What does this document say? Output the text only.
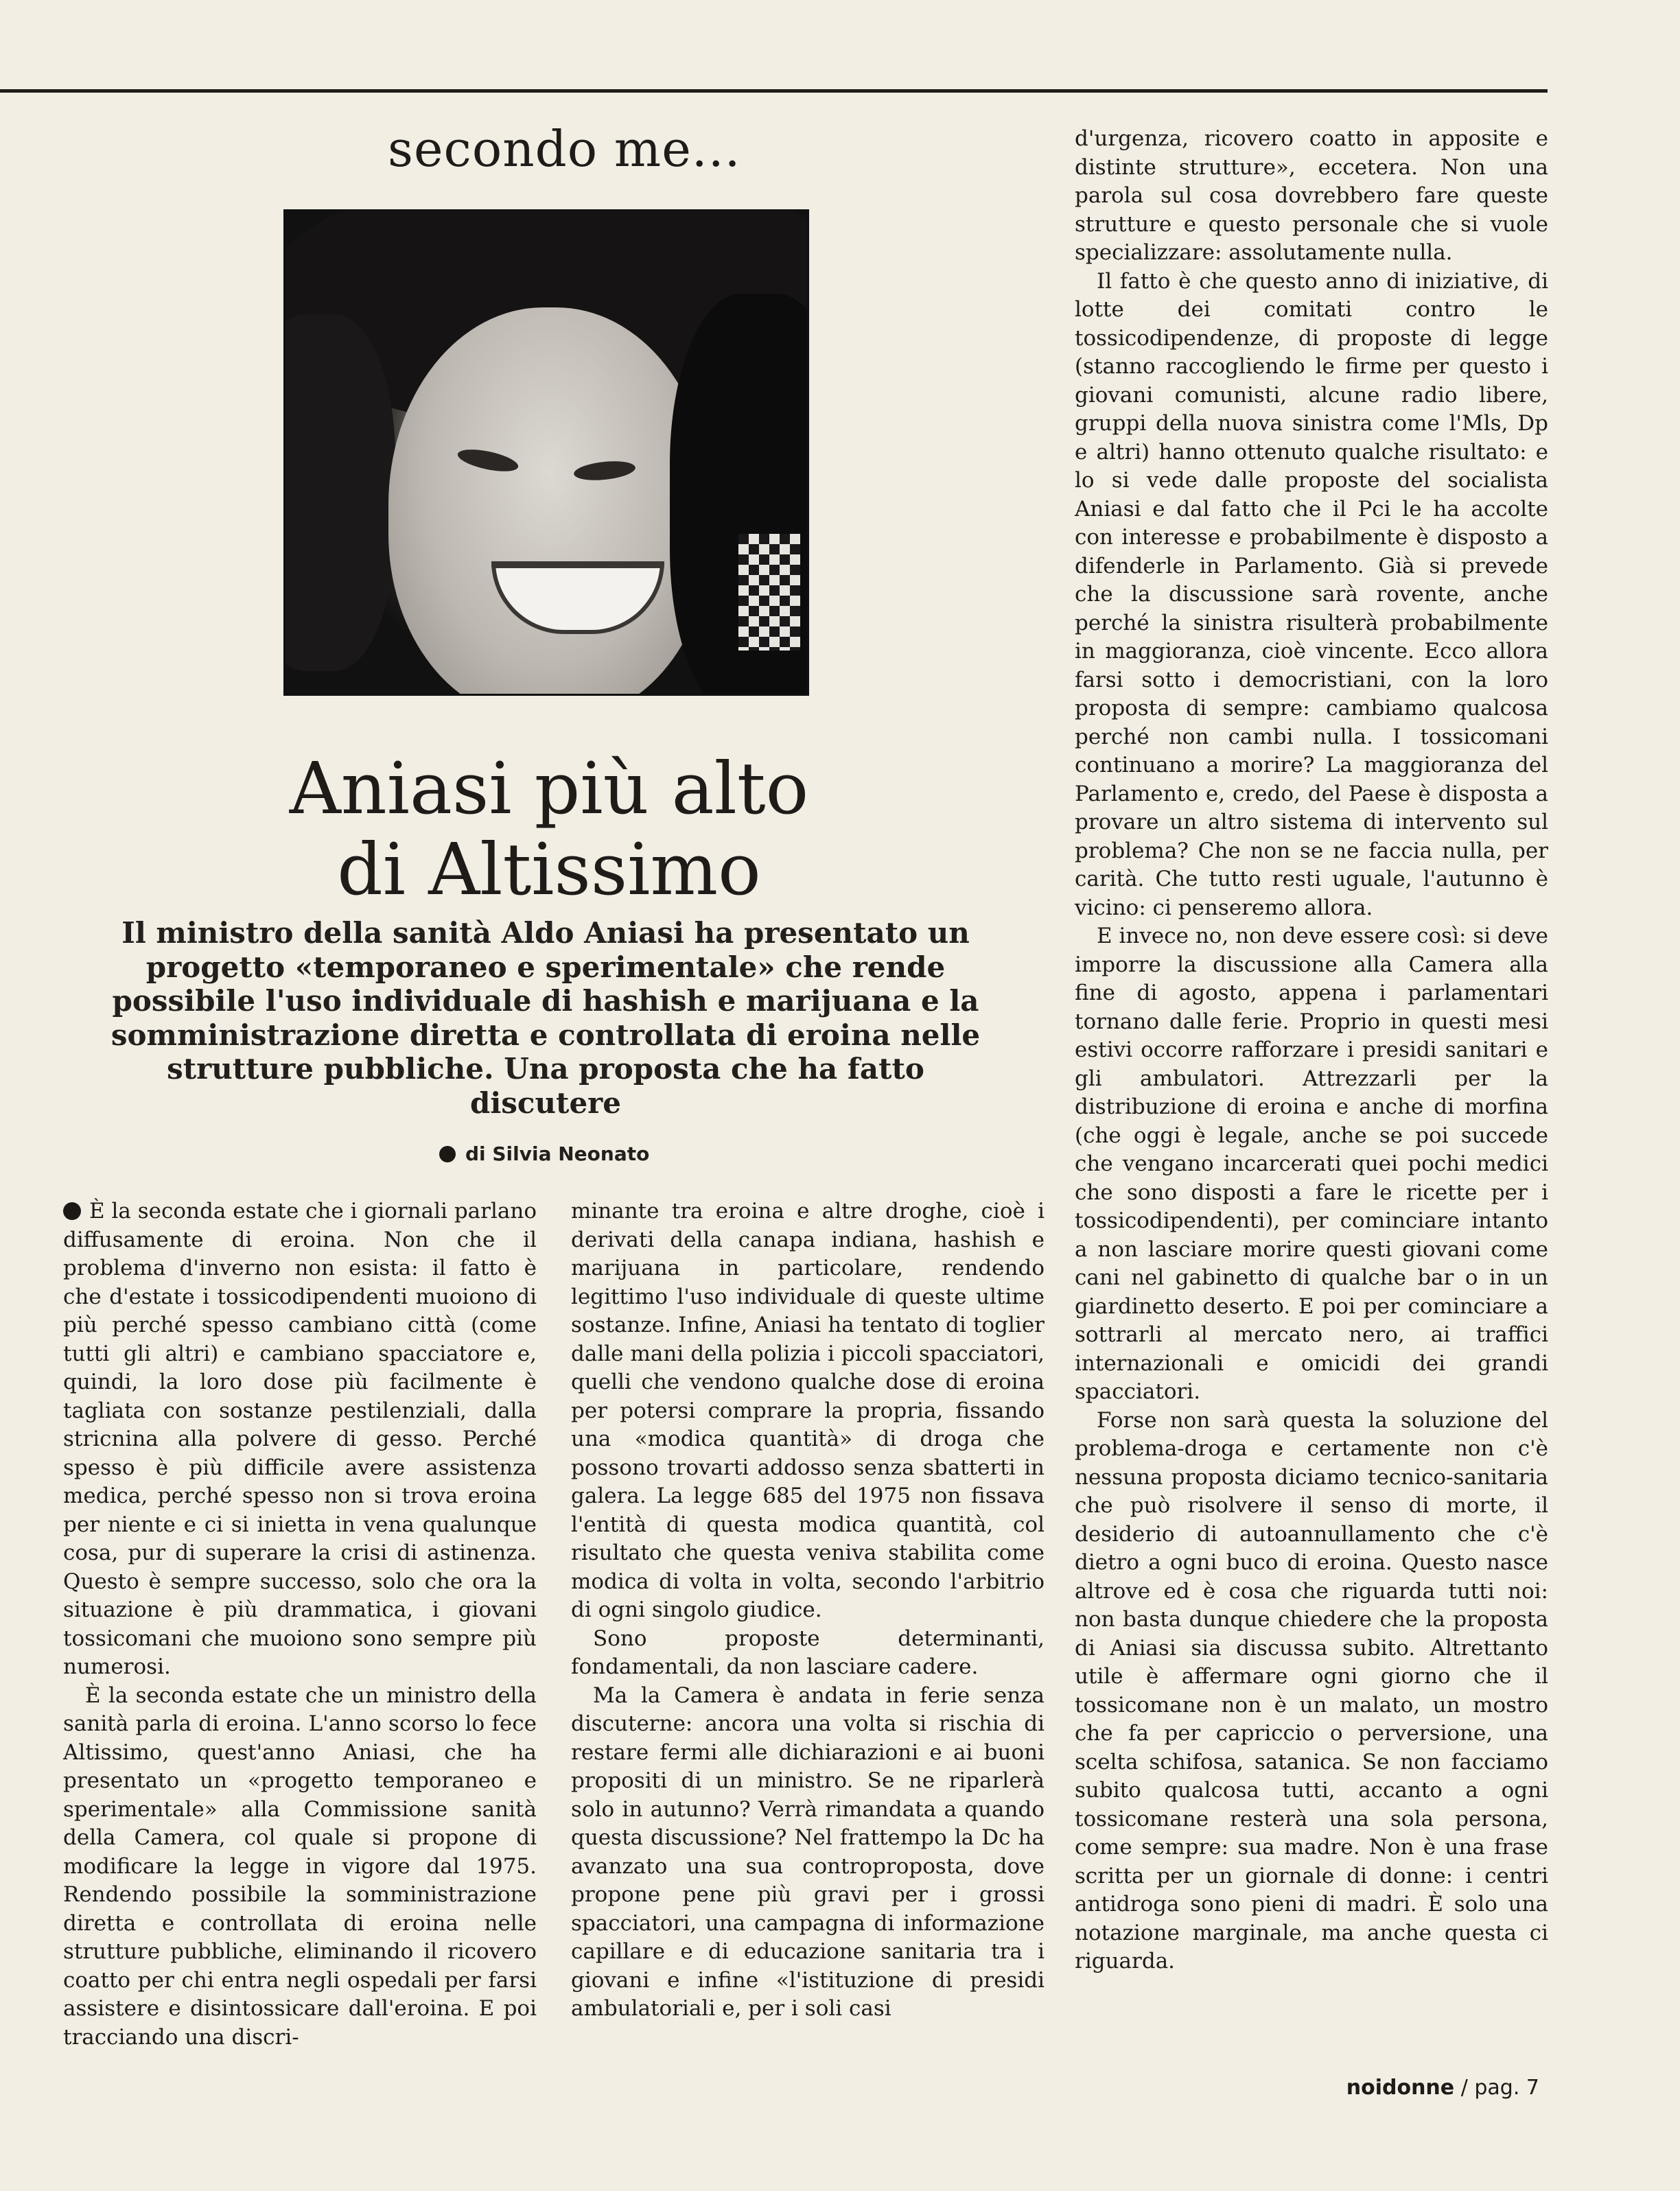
secondo me...
Aniasi più alto
di Altissimo
Il ministro della sanità Aldo Aniasi ha presentato un progetto «temporaneo e sperimentale» che rende possibile l'uso individuale di hashish e marijuana e la somministrazione diretta e controllata di eroina nelle strutture pubbliche. Una proposta che ha fatto discutere
di Silvia Neonato

È la seconda estate che i giornali parlano diffusamente di eroina. Non che il problema d'inverno non esista: il fatto è che d'estate i tossicodipendenti muoiono di più perché spesso cambiano città (come tutti gli altri) e cambiano spacciatore e, quindi, la loro dose più facilmente è tagliata con sostanze pestilenziali, dalla stricnina alla polvere di gesso. Perché spesso è più difficile avere assistenza medica, perché spesso non si trova eroina per niente e ci si inietta in vena qualunque cosa, pur di superare la crisi di astinenza. Questo è sempre successo, solo che ora la situazione è più drammatica, i giovani tossicomani che muoiono sono sempre più numerosi.

È la seconda estate che un ministro della sanità parla di eroina. L'anno scorso lo fece Altissimo, quest'anno Aniasi, che ha presentato un «progetto temporaneo e sperimentale» alla Commissione sanità della Camera, col quale si propone di modificare la legge in vigore dal 1975. Rendendo possibile la somministrazione diretta e controllata di eroina nelle strutture pubbliche, eliminando il ricovero coatto per chi entra negli ospedali per farsi assistere e disintossicare dall'eroina. E poi tracciando una discri-

minante tra eroina e altre droghe, cioè i derivati della canapa indiana, hashish e marijuana in particolare, rendendo legittimo l'uso individuale di queste ultime sostanze. Infine, Aniasi ha tentato di toglier dalle mani della polizia i piccoli spacciatori, quelli che vendono qualche dose di eroina per potersi comprare la propria, fissando una «modica quantità» di droga che possono trovarti addosso senza sbatterti in galera. La legge 685 del 1975 non fissava l'entità di questa modica quantità, col risultato che questa veniva stabilita come modica di volta in volta, secondo l'arbitrio di ogni singolo giudice.

Sono proposte determinanti, fondamentali, da non lasciare cadere.

Ma la Camera è andata in ferie senza discuterne: ancora una volta si rischia di restare fermi alle dichiarazioni e ai buoni propositi di un ministro. Se ne riparlerà solo in autunno? Verrà rimandata a quando questa discussione? Nel frattempo la Dc ha avanzato una sua controproposta, dove propone pene più gravi per i grossi spacciatori, una campagna di informazione capillare e di educazione sanitaria tra i giovani e infine «l'istituzione di presidi ambulatoriali e, per i soli casi

d'urgenza, ricovero coatto in apposite e distinte strutture», eccetera. Non una parola sul cosa dovrebbero fare queste strutture e questo personale che si vuole specializzare: assolutamente nulla.

Il fatto è che questo anno di iniziative, di lotte dei comitati contro le tossicodipendenze, di proposte di legge (stanno raccogliendo le firme per questo i giovani comunisti, alcune radio libere, gruppi della nuova sinistra come l'Mls, Dp e altri) hanno ottenuto qualche risultato: e lo si vede dalle proposte del socialista Aniasi e dal fatto che il Pci le ha accolte con interesse e probabilmente è disposto a difenderle in Parlamento. Già si prevede che la discussione sarà rovente, anche perché la sinistra risulterà probabilmente in maggioranza, cioè vincente. Ecco allora farsi sotto i democristiani, con la loro proposta di sempre: cambiamo qualcosa perché non cambi nulla. I tossicomani continuano a morire? La maggioranza del Parlamento e, credo, del Paese è disposta a provare un altro sistema di intervento sul problema? Che non se ne faccia nulla, per carità. Che tutto resti uguale, l'autunno è vicino: ci penseremo allora.

E invece no, non deve essere così: si deve imporre la discussione alla Camera alla fine di agosto, appena i parlamentari tornano dalle ferie. Proprio in questi mesi estivi occorre rafforzare i presidi sanitari e gli ambulatori. Attrezzarli per la distribuzione di eroina e anche di morfina (che oggi è legale, anche se poi succede che vengano incarcerati quei pochi medici che sono disposti a fare le ricette per i tossicodipendenti), per cominciare intanto a non lasciare morire questi giovani come cani nel gabinetto di qualche bar o in un giardinetto deserto. E poi per cominciare a sottrarli al mercato nero, ai traffici internazionali e omicidi dei grandi spacciatori.

Forse non sarà questa la soluzione del problema-droga e certamente non c'è nessuna proposta diciamo tecnico-sanitaria che può risolvere il senso di morte, il desiderio di autoannullamento che c'è dietro a ogni buco di eroina. Questo nasce altrove ed è cosa che riguarda tutti noi: non basta dunque chiedere che la proposta di Aniasi sia discussa subito. Altrettanto utile è affermare ogni giorno che il tossicomane non è un malato, un mostro che fa per capriccio o perversione, una scelta schifosa, satanica. Se non facciamo subito qualcosa tutti, accanto a ogni tossicomane resterà una sola persona, come sempre: sua madre. Non è una frase scritta per un giornale di donne: i centri antidroga sono pieni di madri. È solo una notazione marginale, ma anche questa ci riguarda.

noidonne / pag. 7
